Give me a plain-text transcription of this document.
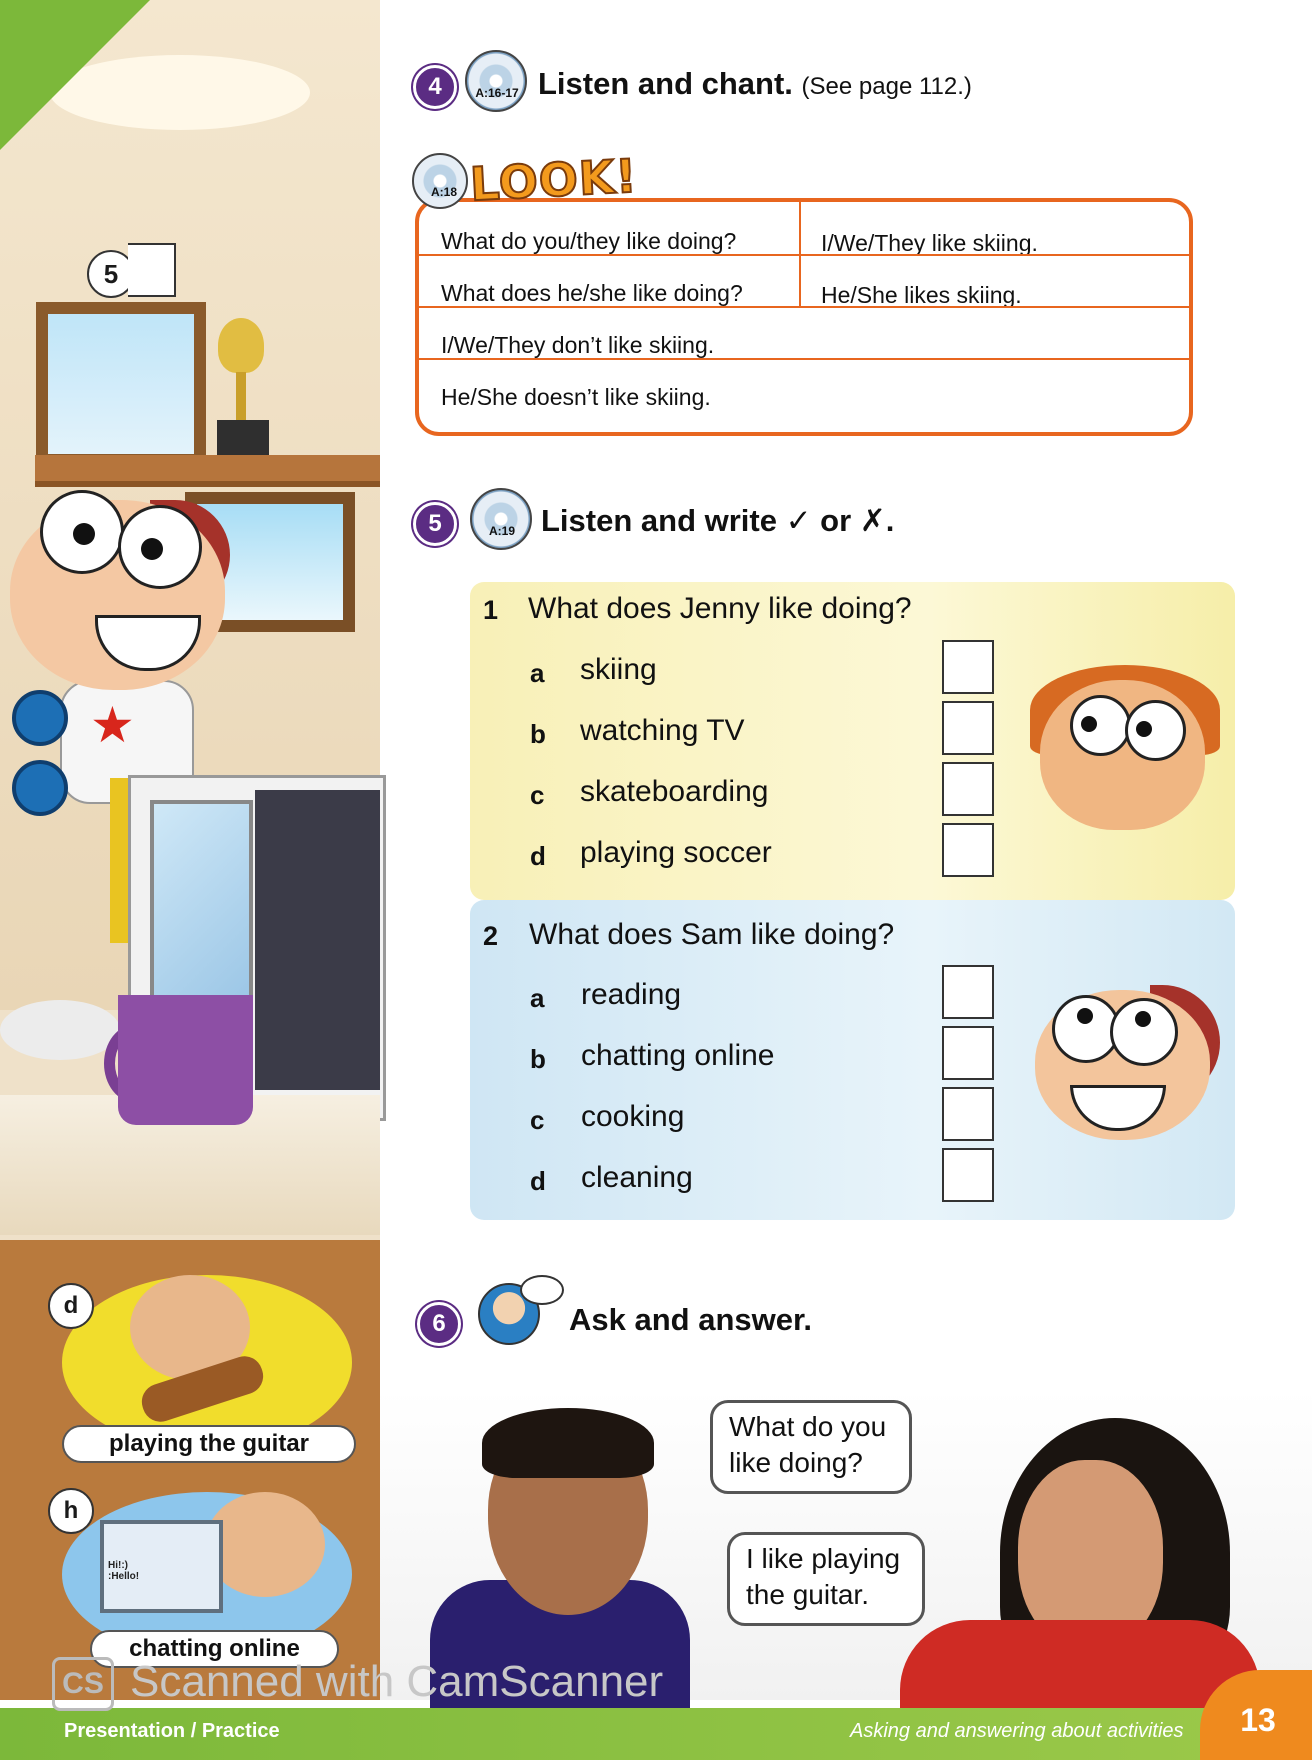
5
★
d
playing the guitar
Hi!:)
:Hello!
h
chatting online
4	A:16-17 Listen and chant. (See page 112.)
What do you/they like doing?	I/We/They like skiing.
What does he/she like doing?	He/She likes skiing.
I/We/They don’t like skiing.
He/She doesn’t like skiing.
A:18 LOOK!
5	A:19 Listen and write ✓ or ✗.
1 What does Jenny like doing?
a skiing
b watching TV
c skateboarding
d playing soccer
2 What does Sam like doing?
a reading
b chatting online
c cooking
d cleaning
6	Ask and answer.
What do you
like doing?
I like playing
the guitar.
Presentation / Practice	Asking and answering about activities	13
CS Scanned with CamScanner
